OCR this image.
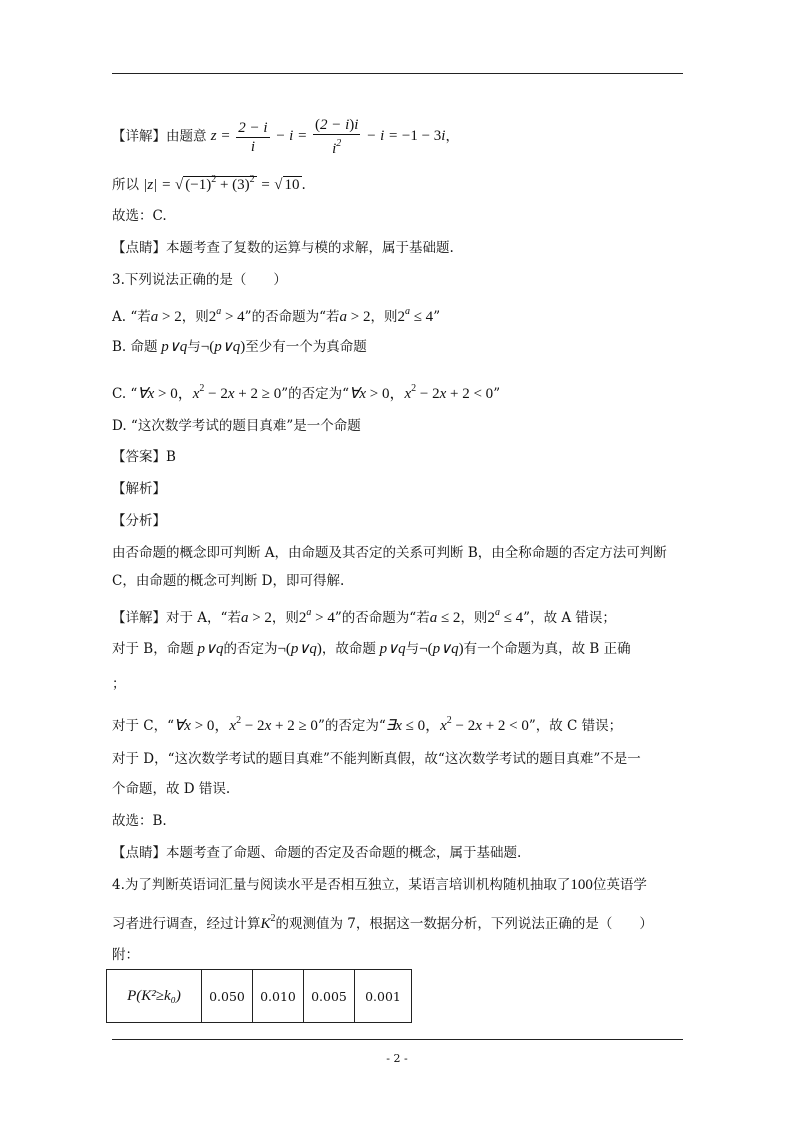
【详解】由题意 $z = \frac{2 - i}{i} - i = \frac{(2 - i)i}{i^2} - i = -1 - 3i$，
所以 |z| = √ $(-1)^2 + (3)^2$ = √ 10 .
故选：C.
【点睛】本题考查了复数的运算与模的求解，属于基础题.
3.下列说法正确的是（　　）
A. “若a > 2，则$2^a > 4$”的否命题为“若a > 2，则$2^a \le 4$”
B. 命题 p∨q与¬(p∨q)至少有一个为真命题
C. “∀x > 0，$x^2 - 2x + 2 \ge 0$”的否定为“∀x > 0，$x^2 - 2x + 2 < 0$”
D. “这次数学考试的题目真难”是一个命题
【答案】B
【解析】
【分析】
由否命题的概念即可判断 A，由命题及其否定的关系可判断 B，由全称命题的否定方法可判断
C，由命题的概念可判断 D，即可得解.
【详解】对于 A，“若a > 2，则$2^a > 4$”的否命题为“若a ≤ 2，则$2^a \le 4$”，故 A 错误；
对于 B，命题 p∨q的否定为¬(p∨q)，故命题 p∨q与¬(p∨q)有一个命题为真，故 B 正确
；
对于 C，“∀x > 0，$x^2 - 2x + 2 \ge 0$”的否定为“∃x ≤ 0，$x^2 - 2x + 2 < 0$”，故 C 错误；
对于 D，“这次数学考试的题目真难”不能判断真假，故“这次数学考试的题目真难”不是一
个命题，故 D 错误.
故选：B.
【点睛】本题考查了命题、命题的否定及否命题的概念，属于基础题.
4.为了判断英语词汇量与阅读水平是否相互独立，某语言培训机构随机抽取了100位英语学
习者进行调查，经过计算$K^2$的观测值为 7，根据这一数据分析，下列说法正确的是（　　）
附：
P(K²≥k₀)	0.050	0.010	0.005	0.001
- 2 -
